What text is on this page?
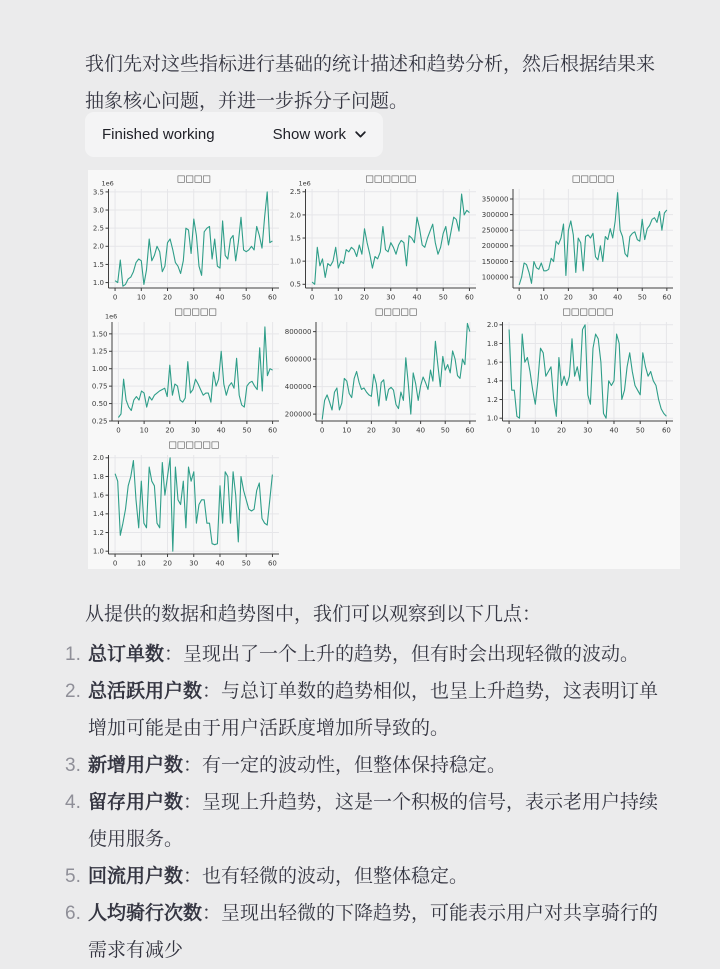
我们先对这些指标进行基础的统计描述和趋势分析，然后根据结果来抽象核心问题，并进一步拆分子问题。

Finished working	Show work
0	10 20 30 40 50 60
1.0
1.5
2.0
2.5
3.0
3.5
1e6	□□□□
0	10 20 30 40 50 60
0.5
1.0
1.5
2.0
2.5
1e6	□□□□□□
0	10 20 30 40 50 60
100000
150000
200000
250000
300000
350000
□□□□□
0	10 20 30 40 50 60
0.25
0.50
0.75
1.00
1.25
1.50
1e6	□□□□□
0	10 20 30 40 50 60
200000
400000
600000
800000
□□□□□
0	10 20 30 40 50 60
1.0
1.2
1.4
1.6
1.8
2.0
□□□□□□
0	10 20 30 40 50 60
1.0
1.2
1.4
1.6
1.8
2.0
□□□□□□

从提供的数据和趋势图中，我们可以观察到以下几点：

1. 总订单数：呈现出了一个上升的趋势，但有时会出现轻微的波动。
2. 总活跃用户数：与总订单数的趋势相似，也呈上升趋势，这表明订单增加可能是由于用户活跃度增加所导致的。
3. 新增用户数：有一定的波动性，但整体保持稳定。
4. 留存用户数：呈现上升趋势，这是一个积极的信号，表示老用户持续使用服务。
5. 回流用户数：也有轻微的波动，但整体稳定。
6. 人均骑行次数：呈现出轻微的下降趋势，可能表示用户对共享骑行的需求有减少
